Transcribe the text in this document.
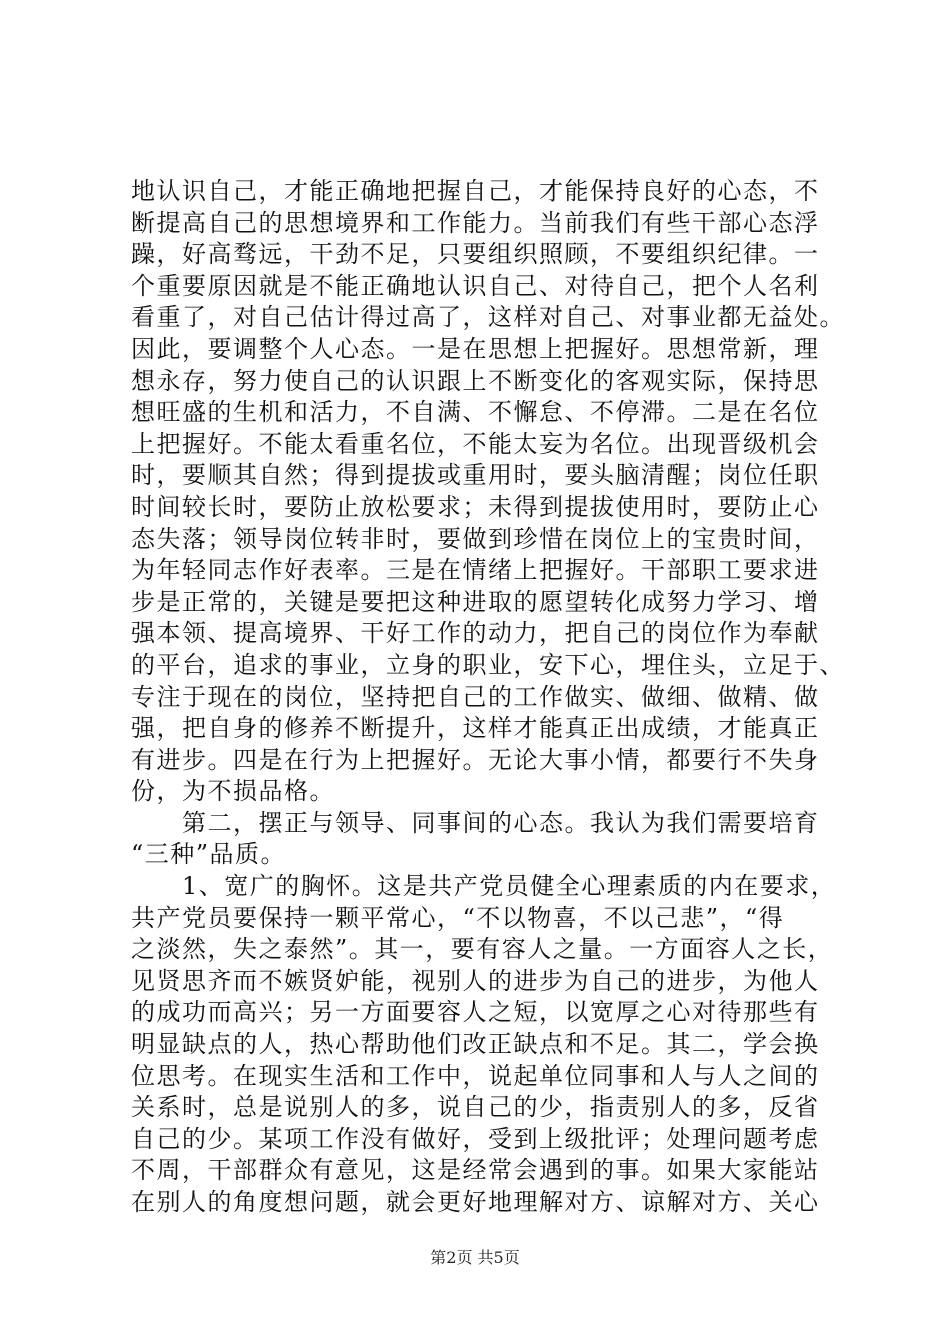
地认识自己，才能正确地把握自己，才能保持良好的心态，不
断提高自己的思想境界和工作能力。当前我们有些干部心态浮
躁，好高骛远，干劲不足，只要组织照顾，不要组织纪律。一
个重要原因就是不能正确地认识自己、对待自己，把个人名利
看重了，对自己估计得过高了，这样对自己、对事业都无益处。
因此，要调整个人心态。一是在思想上把握好。思想常新，理
想永存，努力使自己的认识跟上不断变化的客观实际，保持思
想旺盛的生机和活力，不自满、不懈怠、不停滞。二是在名位
上把握好。不能太看重名位，不能太妄为名位。出现晋级机会
时，要顺其自然；得到提拔或重用时，要头脑清醒；岗位任职
时间较长时，要防止放松要求；未得到提拔使用时，要防止心
态失落；领导岗位转非时，要做到珍惜在岗位上的宝贵时间，
为年轻同志作好表率。三是在情绪上把握好。干部职工要求进
步是正常的，关键是要把这种进取的愿望转化成努力学习、增
强本领、提高境界、干好工作的动力，把自己的岗位作为奉献
的平台，追求的事业，立身的职业，安下心，埋住头，立足于、
专注于现在的岗位，坚持把自己的工作做实、做细、做精、做
强，把自身的修养不断提升，这样才能真正出成绩，才能真正
有进步。四是在行为上把握好。无论大事小情，都要行不失身
份，为不损品格。
　　第二，摆正与领导、同事间的心态。我认为我们需要培育
“三种”品质。
　　1、宽广的胸怀。这是共产党员健全心理素质的内在要求，
共产党员要保持一颗平常心，“不以物喜，不以己悲”，“得
之淡然，失之泰然”。其一，要有容人之量。一方面容人之长，
见贤思齐而不嫉贤妒能，视别人的进步为自己的进步，为他人
的成功而高兴；另一方面要容人之短，以宽厚之心对待那些有
明显缺点的人，热心帮助他们改正缺点和不足。其二，学会换
位思考。在现实生活和工作中，说起单位同事和人与人之间的
关系时，总是说别人的多，说自己的少，指责别人的多，反省
自己的少。某项工作没有做好，受到上级批评；处理问题考虑
不周，干部群众有意见，这是经常会遇到的事。如果大家能站
在别人的角度想问题，就会更好地理解对方、谅解对方、关心
第2页 共5页
